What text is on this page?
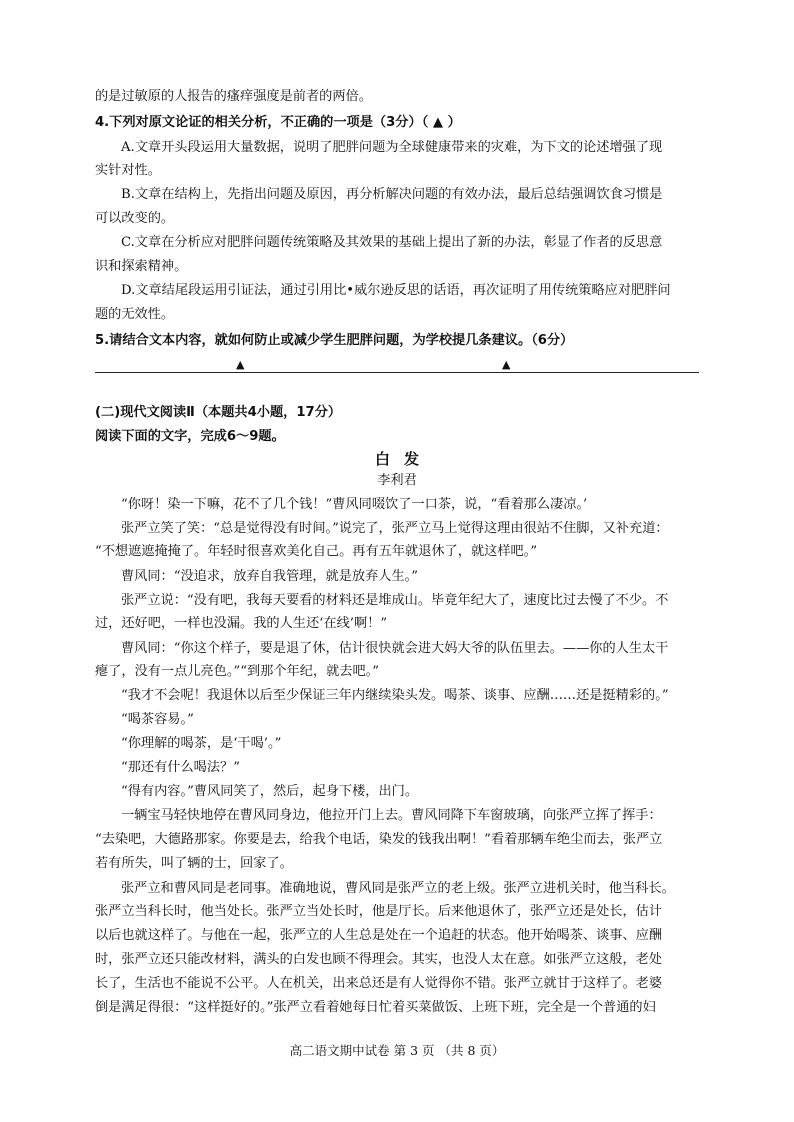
的是过敏原的人报告的瘙痒强度是前者的两倍。
4.下列对原文论证的相关分析，不正确的一项是（3分）（ ▲ ）
A.文章开头段运用大量数据，说明了肥胖问题为全球健康带来的灾难，为下文的论述增强了现
实针对性。
B.文章在结构上，先指出问题及原因，再分析解决问题的有效办法，最后总结强调饮食习惯是
可以改变的。
C.文章在分析应对肥胖问题传统策略及其效果的基础上提出了新的办法，彰显了作者的反思意
识和探索精神。
D.文章结尾段运用引证法，通过引用比•威尔逊反思的话语，再次证明了用传统策略应对肥胖问
题的无效性。
5.请结合文本内容，就如何防止或减少学生肥胖问题，为学校提几条建议。（6分）
▲	▲
(二)现代文阅读Ⅱ（本题共4小题，17分）
阅读下面的文字，完成6～9题。
白发
李利君
“你呀！染一下嘛，花不了几个钱！”曹风同啜饮了一口茶，说，“看着那么凄凉。’
张严立笑了笑：“总是觉得没有时间。”说完了，张严立马上觉得这理由很站不住脚，又补充道：
“不想遮遮掩掩了。年轻时很喜欢美化自己。再有五年就退休了，就这样吧。”
曹风同：“没追求，放弃自我管理，就是放弃人生。”
张严立说：“没有吧，我每天要看的材料还是堆成山。毕竟年纪大了，速度比过去慢了不少。不
过，还好吧，一样也没漏。我的人生还‘在线’啊！”
曹风同：“你这个样子，要是退了休，估计很快就会进大妈大爷的队伍里去。——你的人生太干
瘪了，没有一点儿亮色。”“到那个年纪，就去吧。”
“我才不会呢！我退休以后至少保证三年内继续染头发。喝茶、谈事、应酬……还是挺精彩的。”
“喝茶容易。”
“你理解的喝茶，是‘干喝’。”
“那还有什么喝法？”
“得有内容。”曹风同笑了，然后，起身下楼，出门。
一辆宝马轻快地停在曹风同身边，他拉开门上去。曹风同降下车窗玻璃，向张严立挥了挥手：
“去染吧，大德路那家。你要是去，给我个电话，染发的钱我出啊！”看着那辆车绝尘而去，张严立
若有所失，叫了辆的士，回家了。
张严立和曹风同是老同事。准确地说，曹风同是张严立的老上级。张严立进机关时，他当科长。
张严立当科长时，他当处长。张严立当处长时，他是厅长。后来他退休了，张严立还是处长，估计
以后也就这样了。与他在一起，张严立的人生总是处在一个追赶的状态。他开始喝茶、谈事、应酬
时，张严立还只能改材料，满头的白发也顾不得理会。其实，也没人太在意。如张严立这般，老处
长了，生活也不能说不公平。人在机关，出来总还是有人觉得你不错。张严立就甘于这样了。老婆
倒是满足得很：“这样挺好的。”张严立看着她每日忙着买菜做饭、上班下班，完全是一个普通的妇
高二语文期中试卷 第 3 页 （共 8 页）
